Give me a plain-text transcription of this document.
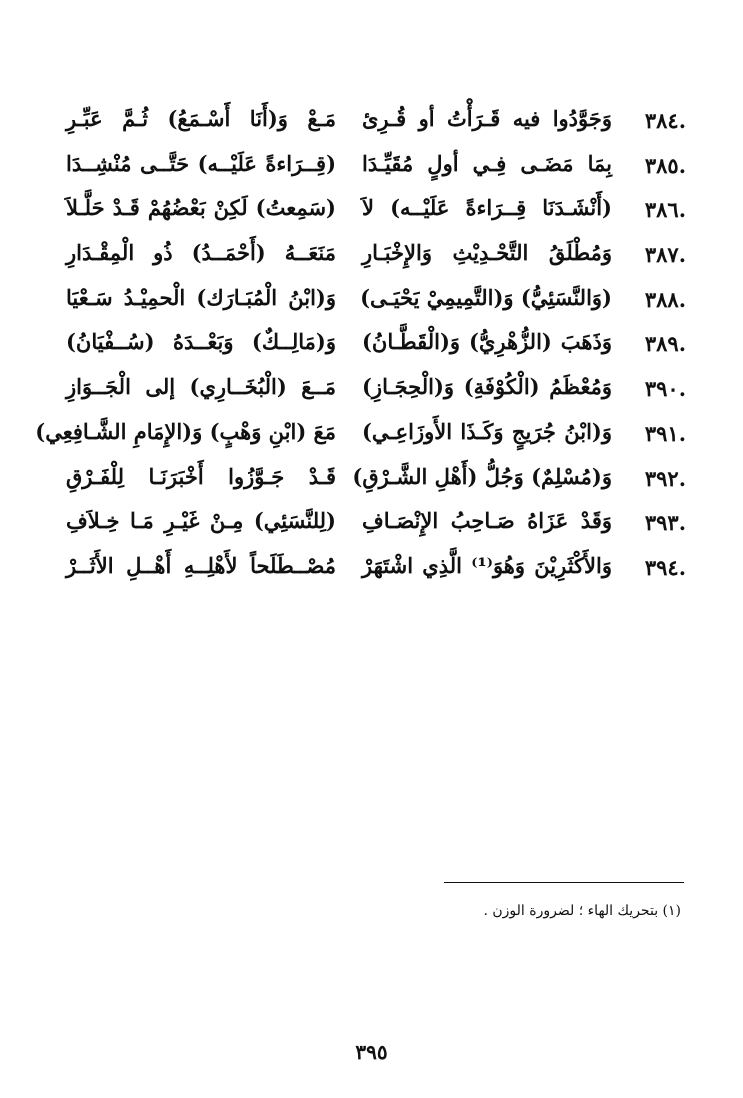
٣٨٤.
وَجَوَّدُوا فيه قَـرَأْتُ أو قُـرِئ
مَـعْ وَ(أَنَا أَسْـمَعُ) ثُـمَّ عَبِّـرِ
٣٨٥.
بِمَا مَضَـى فِـي أولٍ مُقَيِّـدَا
(قِــرَاءةً عَلَيْــه) حَتَّــى مُنْشِــدَا
٣٨٦.
(أَنْشَـدَنَا قِــرَاءةً عَلَيْــه) لاَ
(سَمِعتُ) لَكِنْ بَعْضُهُمْ قَـدْ حَلَّـلاَ
٣٨٧.
وَمُطْلَقُ التَّحْـدِيْثِ وَالإِخْبَـارِ
مَنَعَــهُ (أَحْمَــدُ) ذُو الْمِقْـدَارِ
٣٨٨.
(وَالنَّسَئِيُّ) وَ(التَّمِيمِيْ يَحْيَـى)
وَ(ابْنُ الْمُبَـارَك) الْحمِيْـدُ سَـعْيَا
٣٨٩.
وَذَهَبَ (الزُّهْرِيُّ) وَ(الْقَطَّـانُ)
وَ(مَالِــكٌ) وَبَعْــدَهُ (سُــفْيَانُ)
٣٩٠.
وَمُعْظَمُ (الْكُوْفَةِ) وَ(الْحِجَـازِ)
مَــعَ (الْبُخَــارِي) إلى الْجَــوَازِ
٣٩١.
وَ(ابْنُ جُرَيجٍ وَكَـذَا الأَوزَاعِـي)
مَعَ (ابْنِ وَهْبٍ) وَ(الإِمَامِ الشَّـافِعِي)
٣٩٢.
وَ(مُسْلِمٌ) وَجُلُّ (أَهْلِ الشَّـرْقِ)
قَـدْ جَـوَّزُوا أَخْبَرَنَـا لِلْفَـرْقِ
٣٩٣.
وَقَدْ عَزَاهُ صَـاحِبُ الإِنْصَـافِ
(لِلنَّسَئِي) مِـنْ غَيْـرِ مَـا خِـلاَفِ
٣٩٤.
وَالأَكْثَرِيْنَ وَهُوَ⁽¹⁾ الَّذِي اشْتَهَرْ
مُصْــطَلَحاً لأَهْلِــهِ أَهْــلِ الأَثَــرْ
(١) بتحريك الهاء ؛ لضرورة الوزن .
٣٩٥
